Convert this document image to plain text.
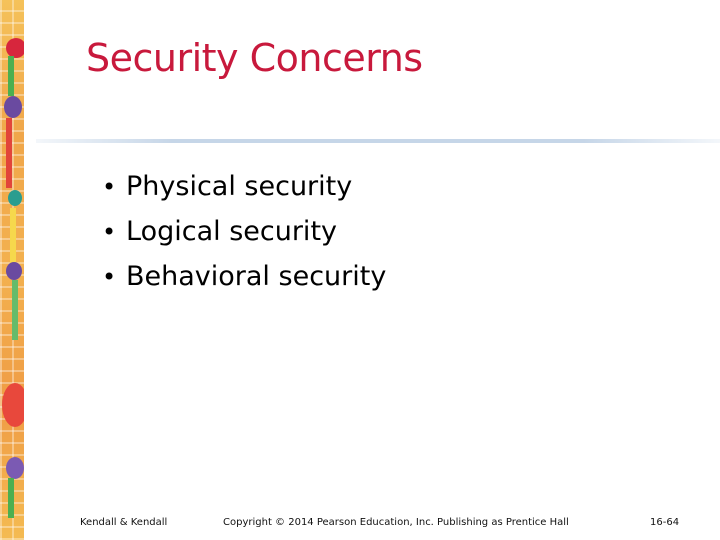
Security Concerns
• Physical security
• Logical security
• Behavioral security
Kendall & Kendall	Copyright © 2014 Pearson Education, Inc. Publishing as Prentice Hall	16-64
